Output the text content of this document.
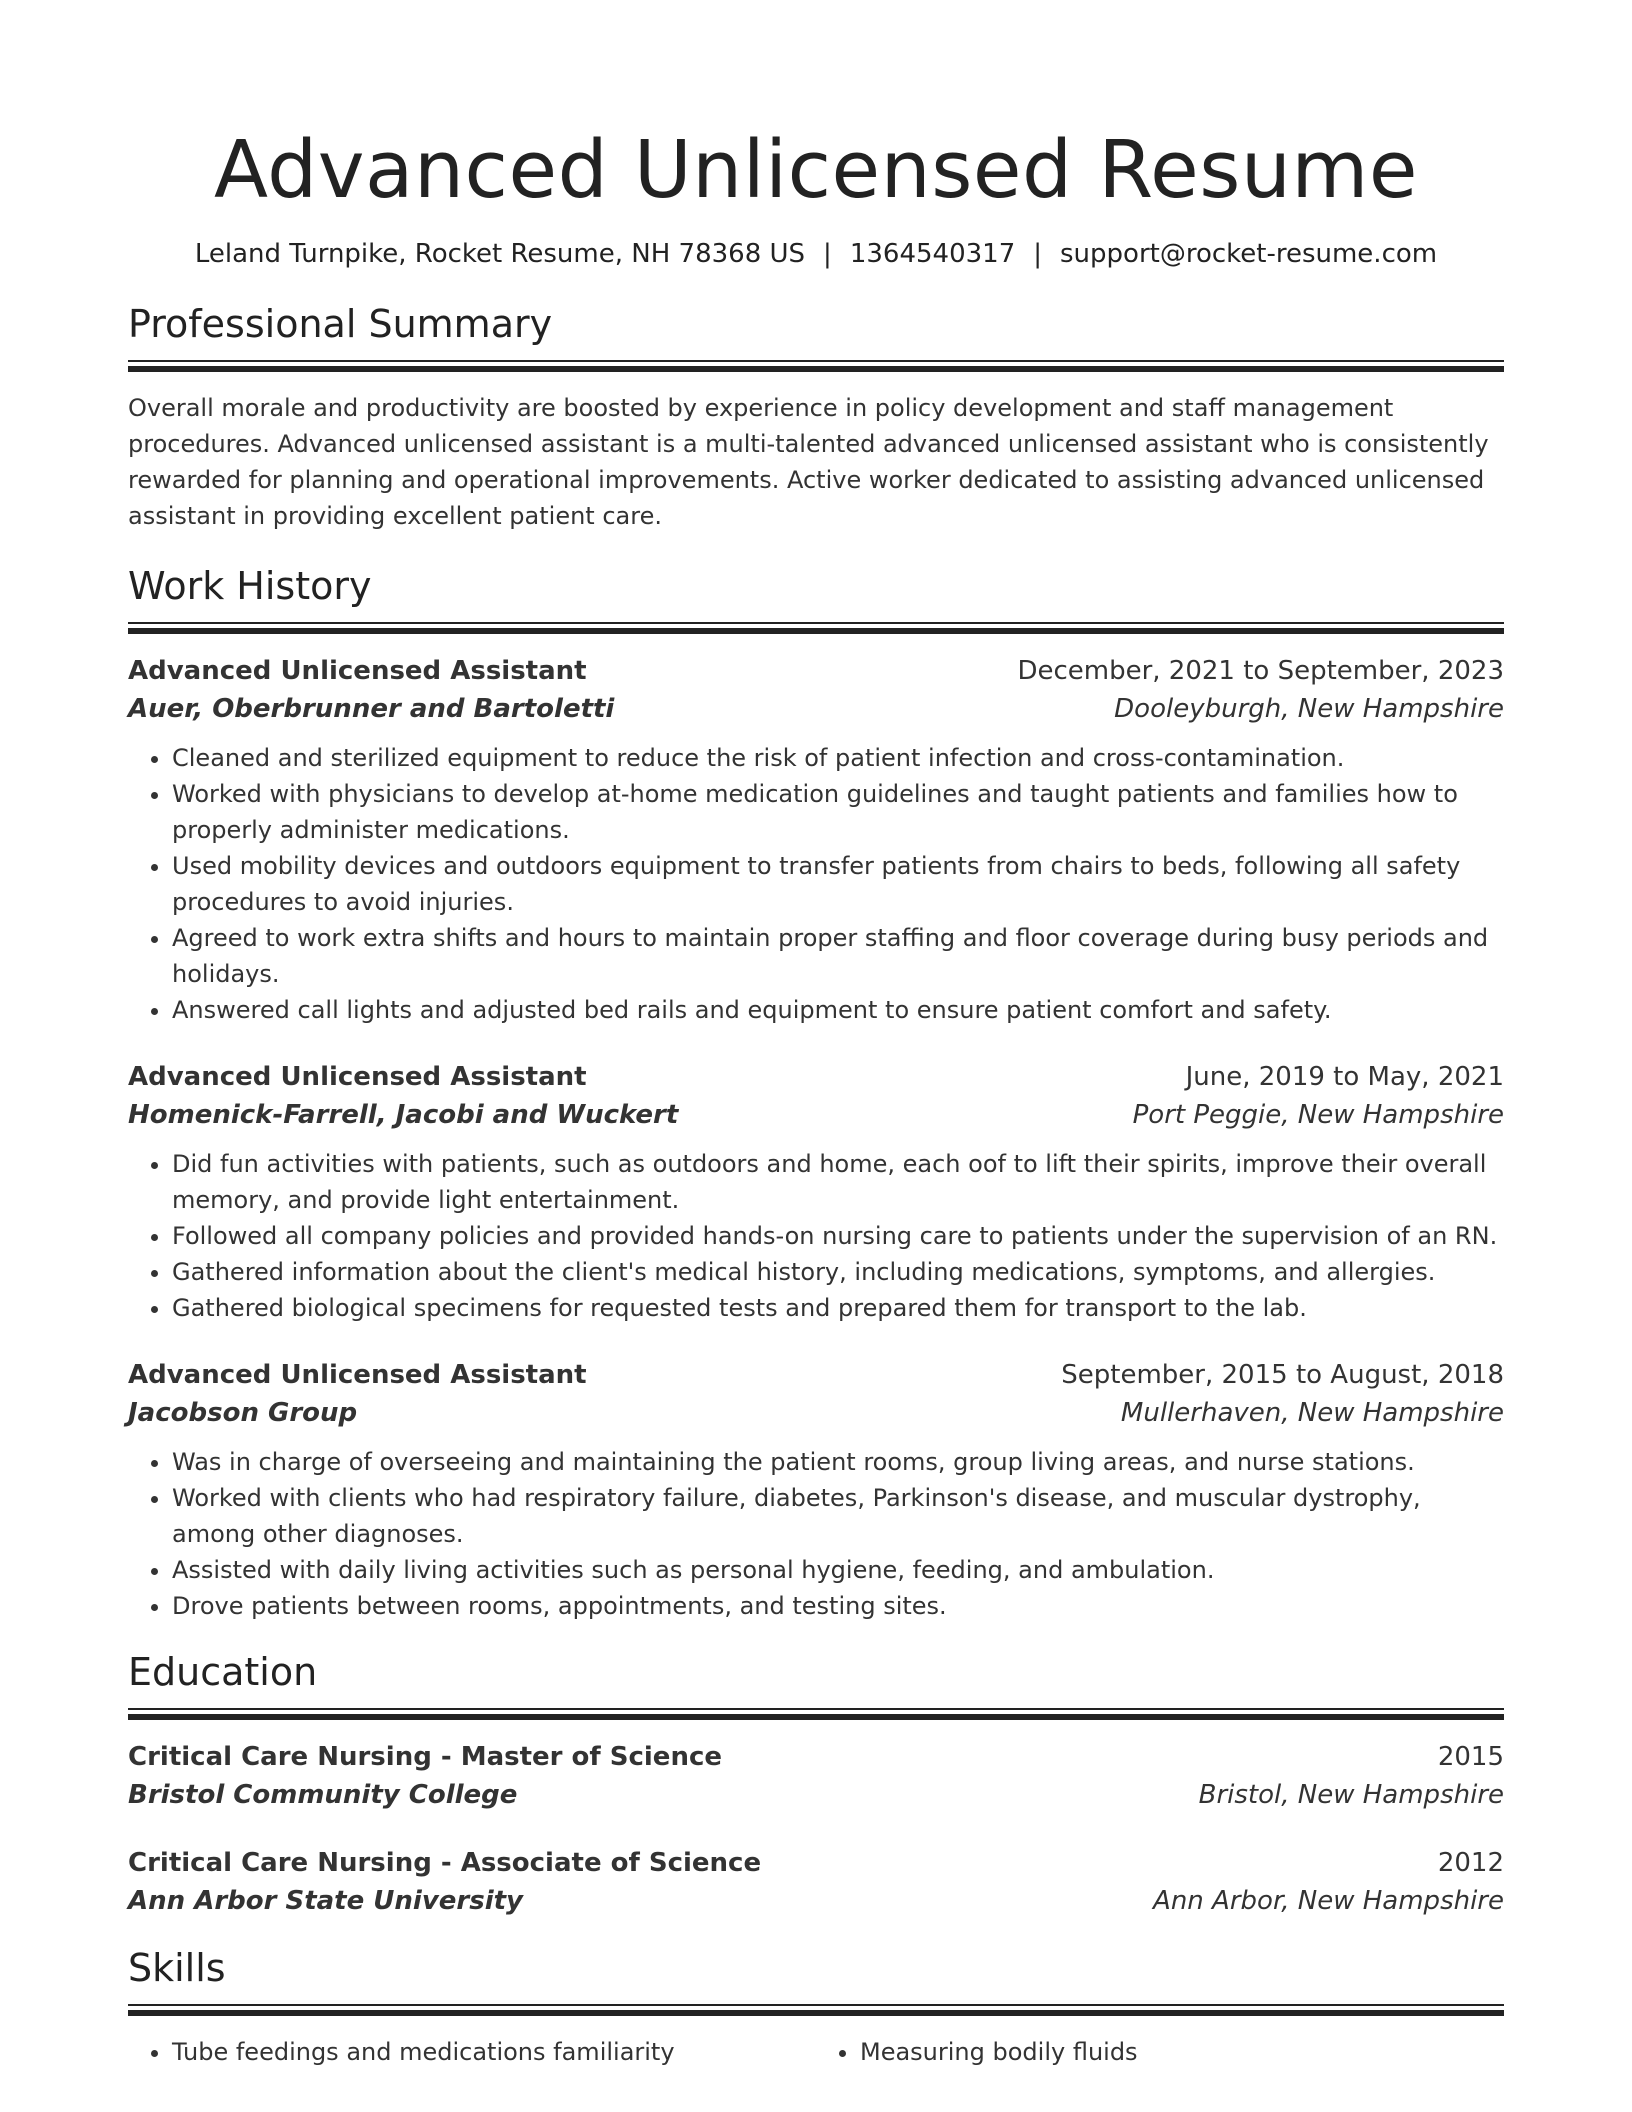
Advanced Unlicensed Resume
Leland Turnpike, Rocket Resume, NH 78368 US | 1364540317 | support@rocket-resume.com
Professional Summary

Overall morale and productivity are boosted by experience in policy development and staff management procedures. Advanced unlicensed assistant is a multi-talented advanced unlicensed assistant who is consistently rewarded for planning and operational improvements. Active worker dedicated to assisting advanced unlicensed assistant in providing excellent patient care.

Work History
Advanced Unlicensed Assistant	December, 2021 to September, 2023
Auer, Oberbrunner and Bartoletti	Dooleyburgh, New Hampshire
• Cleaned and sterilized equipment to reduce the risk of patient infection and cross-contamination.
• Worked with physicians to develop at-home medication guidelines and taught patients and families how to properly administer medications.
• Used mobility devices and outdoors equipment to transfer patients from chairs to beds, following all safety procedures to avoid injuries.
• Agreed to work extra shifts and hours to maintain proper staffing and floor coverage during busy periods and holidays.
• Answered call lights and adjusted bed rails and equipment to ensure patient comfort and safety.
Advanced Unlicensed Assistant	June, 2019 to May, 2021
Homenick-Farrell, Jacobi and Wuckert	Port Peggie, New Hampshire
• Did fun activities with patients, such as outdoors and home, each oof to lift their spirits, improve their overall memory, and provide light entertainment.
• Followed all company policies and provided hands-on nursing care to patients under the supervision of an RN.
• Gathered information about the client's medical history, including medications, symptoms, and allergies.
• Gathered biological specimens for requested tests and prepared them for transport to the lab.
Advanced Unlicensed Assistant	September, 2015 to August, 2018
Jacobson Group	Mullerhaven, New Hampshire
• Was in charge of overseeing and maintaining the patient rooms, group living areas, and nurse stations.
• Worked with clients who had respiratory failure, diabetes, Parkinson's disease, and muscular dystrophy, among other diagnoses.
• Assisted with daily living activities such as personal hygiene, feeding, and ambulation.
• Drove patients between rooms, appointments, and testing sites.
Education
Critical Care Nursing - Master of Science	2015
Bristol Community College	Bristol, New Hampshire
Critical Care Nursing - Associate of Science	2012
Ann Arbor State University	Ann Arbor, New Hampshire
Skills
• Tube feedings and medications familiarity
•	Measuring bodily fluids
